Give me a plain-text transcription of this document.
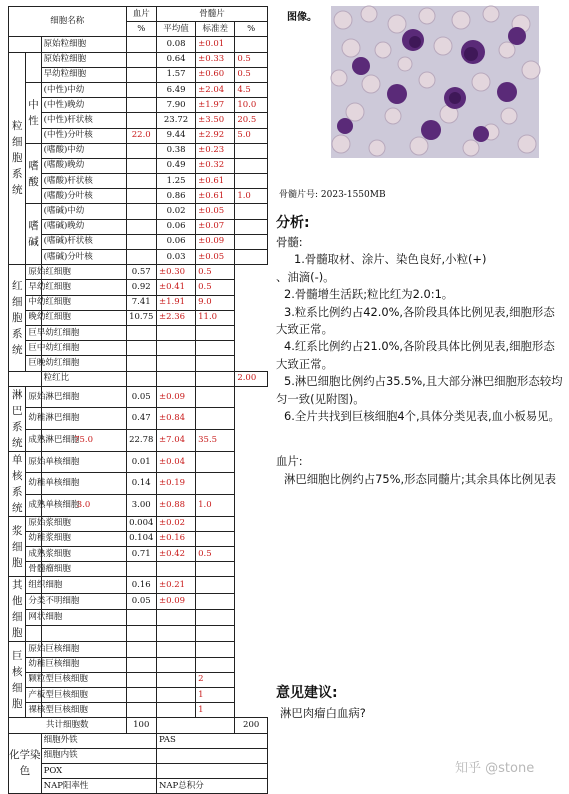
细胞名称			血片	骨髓片		
			%	平均值	标准差	%
		原始粒细胞		0.08	±0.01	
粒细胞系统		原始粒细胞		0.64	±0.33	0.5
		早幼粒细胞		1.57	±0.60	0.5
	中性	(中性)中幼		6.49	±2.04	4.5
		(中性)晚幼		7.90	±1.97	10.0
		(中性)杆状核		23.72	±3.50	20.5
		(中性)分叶核	22.0	9.44	±2.92	5.0
	嗜酸	(嗜酸)中幼		0.38	±0.23	
		(嗜酸)晚幼		0.49	±0.32	
		(嗜酸)杆状核		1.25	±0.61	
		(嗜酸)分叶核		0.86	±0.61	1.0
	嗜碱	(嗜碱)中幼		0.02	±0.05	
		(嗜碱)晚幼		0.06	±0.07	
		(嗜碱)杆状核		0.06	±0.09	
		(嗜碱)分叶核		0.03	±0.05	
红细胞系统	原始红细胞		0.57	±0.30	0.5	
	早幼红细胞		0.92	±0.41	0.5	
	中幼红细胞		7.41	±1.91	9.0	
	晚幼红细胞		10.75	±2.36	11.0	
	巨早幼红细胞					
	巨中幼红细胞					
	巨晚幼红细胞					
		粒红比				2.00
淋巴系统	原始淋巴细胞		0.05	±0.09		
	幼稚淋巴细胞		0.47	±0.84		
	成熟淋巴细胞	75.0	22.78	±7.04	35.5	
单核系统	原始单核细胞		0.01	±0.04		
	幼稚单核细胞		0.14	±0.19		
	成熟单核细胞	3.0	3.00	±0.88	1.0	
浆细胞	原始浆细胞		0.004	±0.02		
	幼稚浆细胞		0.104	±0.16		
	成熟浆细胞		0.71	±0.42	0.5	
	骨髓瘤细胞					
其他细胞	组织细胞		0.16	±0.21		
	分类不明细胞		0.05	±0.09		
	网状细胞					

巨核细胞	原始巨核细胞					
	幼稚巨核细胞					
	颗粒型巨核细胞				2	
	产板型巨核细胞				1	
	裸核型巨核细胞				1	
共计细胞数			100			200
化学染色		细胞外铁		PAS		
		细胞内铁				
		POX				
		NAP阳率性		NAP总积分		
图像。
骨髓片号: 2023-1550MB
分析:

骨髓:

1.骨髓取材、涂片、染色良好,小粒(+)

、油滴(-)。

2.骨髓增生活跃;粒比红为2.0:1。

3.粒系比例约占42.0%,各阶段具体比例见表,细胞形态大致正常。

4.红系比例约占21.0%,各阶段具体比例见表,细胞形态大致正常。

5.淋巴细胞比例约占35.5%,且大部分淋巴细胞形态较均匀一致(见附图)。

6.全片共找到巨核细胞4个,具体分类见表,血小板易见。

血片:

淋巴细胞比例约占75%,形态同髓片;其余具体比例见表

意见建议:
淋巴肉瘤白血病?
知乎 @stone
